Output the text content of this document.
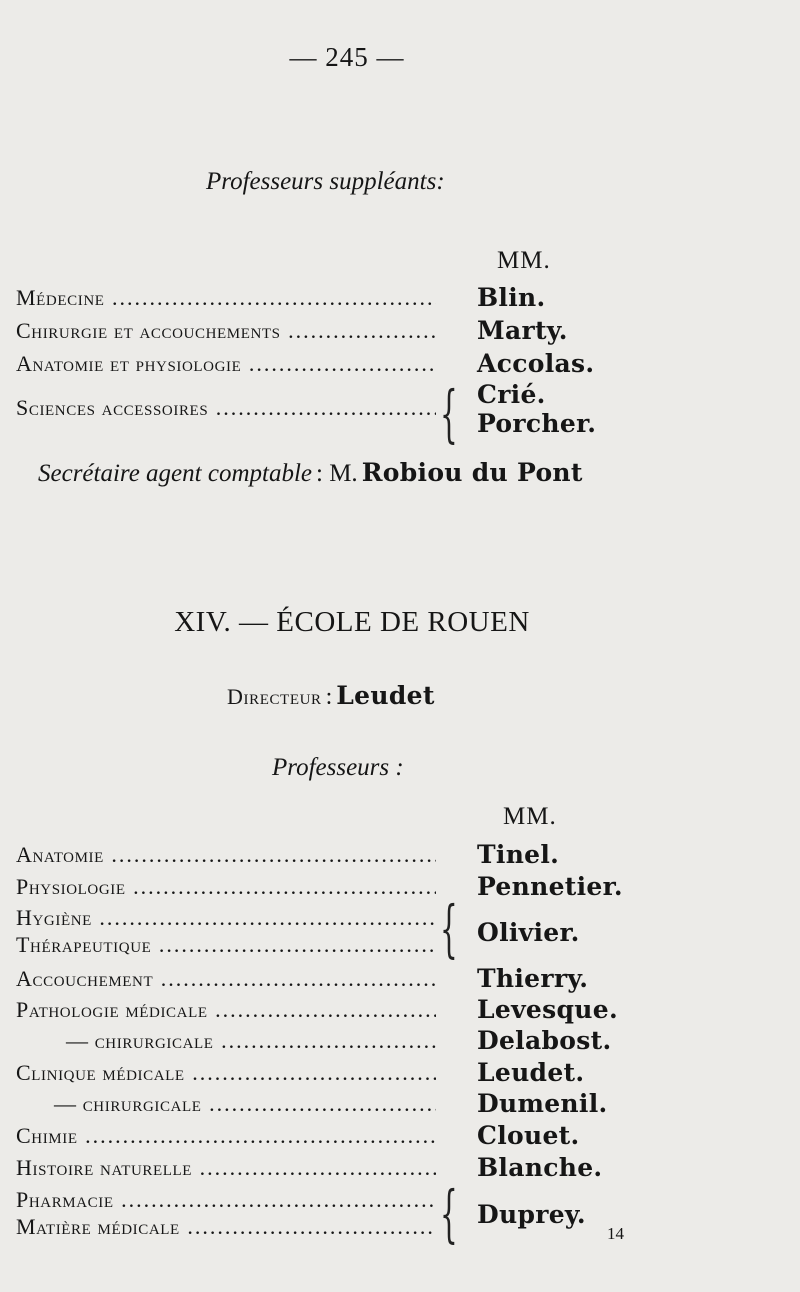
— 245 —
Professeurs suppléants:
MM.
Médecine .....	Blin.
Chirurgie et accouchements .....	Marty.
Anatomie et physiologie .....	Accolas.
Sciences accessoires .....	{ Crié.
Porcher.
Secrétaire agent comptable : M. Robiou du Pont
XIV. — ÉCOLE DE ROUEN
Directeur : Leudet
Professeurs :
MM.
Anatomie .....	Tinel.
Physiologie .....	Pennetier.
Hygiène .....
Thérapeutique .....	{ Olivier.
Accouchement .....	Thierry.
Pathologie médicale .....	Levesque.
— chirurgicale .....	Delabost.
Clinique médicale .....	Leudet.
— chirurgicale .....	Dumenil.
Chimie .....	Clouet.
Histoire naturelle .....	Blanche.
Pharmacie .....
Matière médicale .....	{ Duprey.
14
